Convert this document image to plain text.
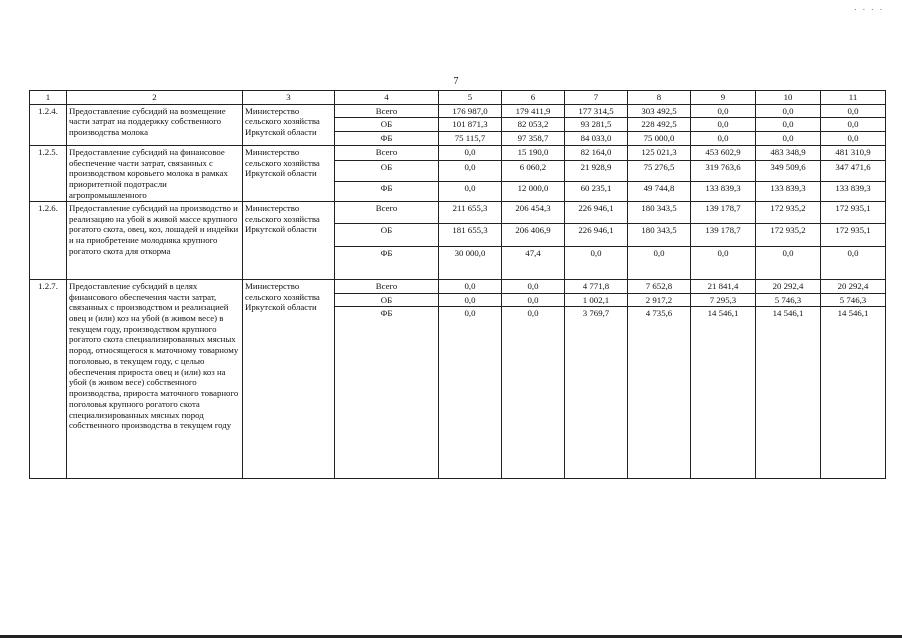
. . . .
7
1	2	3	4	5	6	7	8	9	10	11
1.2.4.	Предоставление субсидий на возмещение части затрат на поддержку собственного производства молока	Министерство сельского хозяйства Иркутской области	Всего	176 987,0	179 411,9	177 314,5	303 492,5	0,0	0,0	0,0
			ОБ	101 871,3	82 053,2	93 281,5	228 492,5	0,0	0,0	0,0
			ФБ	75 115,7	97 358,7	84 033,0	75 000,0	0,0	0,0	0,0
1.2.5.	Предоставление субсидий на финансовое обеспечение части затрат, связанных с производством коровьего молока в рамках приоритетной подотрасли агропромышленного	Министерство сельского хозяйства Иркутской области	Всего	0,0	15 190,0	82 164,0	125 021,3	453 602,9	483 348,9	481 310,9
			ОБ	0,0	6 060,2	21 928,9	75 276,5	319 763,6	349 509,6	347 471,6
			ФБ	0,0	12 000,0	60 235,1	49 744,8	133 839,3	133 839,3	133 839,3
1.2.6.	Предоставление субсидий на производство и реализацию на убой в живой массе крупного рогатого скота, овец, коз, лошадей и индейки и на приобретение молодняка крупного рогатого скота для откорма	Министерство сельского хозяйства Иркутской области	Всего	211 655,3	206 454,3	226 946,1	180 343,5	139 178,7	172 935,2	172 935,1
			ОБ	181 655,3	206 406,9	226 946,1	180 343,5	139 178,7	172 935,2	172 935,1
			ФБ	30 000,0	47,4	0,0	0,0	0,0	0,0	0,0
1.2.7.	Предоставление субсидий в целях финансового обеспечения части затрат, связанных с производством и реализацией овец и (или) коз на убой (в живом весе) в текущем году, производством крупного рогатого скота специализированных мясных пород, относящегося к маточному товарному поголовью, в текущем году, с целью обеспечения прироста овец и (или) коз на убой (в живом весе) собственного производства, прироста маточного товарного поголовья крупного рогатого скота специализированных мясных пород собственного производства в текущем году	Министерство сельского хозяйства Иркутской области	Всего	0,0	0,0	4 771,8	7 652,8	21 841,4	20 292,4	20 292,4
			ОБ	0,0	0,0	1 002,1	2 917,2	7 295,3	5 746,3	5 746,3
			ФБ	0,0	0,0	3 769,7	4 735,6	14 546,1	14 546,1	14 546,1
